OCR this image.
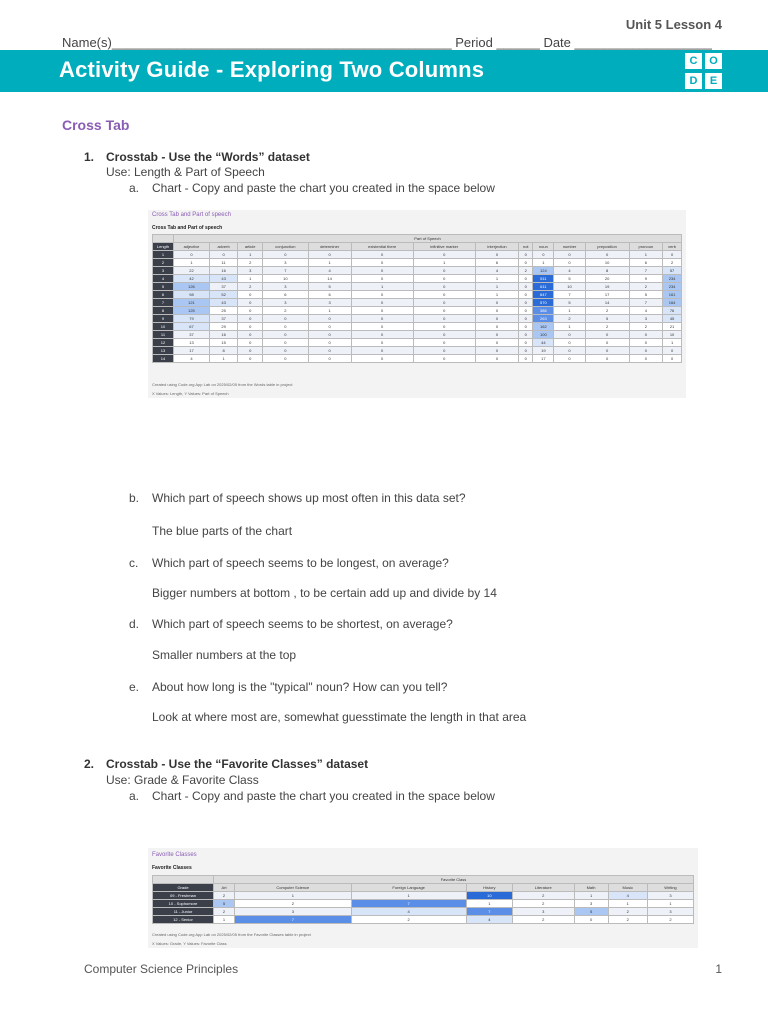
Unit 5 Lesson 4
Name(s)_______________________________________________ Period ______ Date ___________________
Activity Guide - Exploring Two Columns	C	O
D	E
Cross Tab
1. Crosstab - Use the “Words” dataset
Use: Length & Part of Speech
a. Chart - Copy and paste the chart you created in the space below
Cross Tab and Part of speech
Cross Tab and Part of speech
	Part of Speech													
Length	adjective	adverb	article	conjunction	determiner	existential there	infinitive marker	interjection	not	noun	number	preposition	pronoun	verb
1	0	0	1	0	0	0	0	0	0	0	0	0	1	0
2	1	11	2	3	1	0	1	6	0	1	0	10	6	2
3	22	16	3	7	4	0	0	4	2	124	4	8	7	57
4	42	43	1	10	14	0	0	1	0	511	5	20	9	234
5	126	37	2	3	5	1	0	1	0	611	10	19	2	234
6	98	52	0	6	6	0	0	1	0	647	7	17	5	161
7	121	43	0	3	3	0	0	0	0	570	5	14	7	164
8	125	25	0	2	1	0	0	0	0	386	1	2	4	76
9	79	37	0	0	0	0	0	0	0	263	2	5	3	45
10	67	29	0	0	0	0	0	0	0	162	1	2	2	21
11	37	16	0	0	0	0	0	0	0	100	0	0	0	10
12	13	15	0	0	0	0	0	0	0	44	0	0	0	1
13	17	8	0	0	0	0	0	0	0	19	0	0	0	0
14	4	1	0	0	0	0	0	0	0	17	0	0	0	0
Created using Code.org App Lab on 2025/02/05 from the Words table in project
X Values: Length, Y Values: Part of Speech
b. Which part of speech shows up most often in this data set?
The blue parts of the chart
c. Which part of speech seems to be longest, on average?
Bigger numbers at bottom , to be certain add up and divide by 14
d. Which part of speech seems to be shortest, on average?
Smaller numbers at the top
e. About how long is the "typical" noun? How can you tell?
Look at where most are, somewhat guesstimate the length in that area
2. Crosstab - Use the “Favorite Classes” dataset
Use: Grade & Favorite Class
a. Chart - Copy and paste the chart you created in the space below
Favorite Classes
Favorite Classes
	Favorite Class							
Grade	Art	Computer Science	Foreign Language	History	Literature	Math	Music	Writing
09 - Freshman	2	1	1	10	2	1	4	3
10 - Sophomore	5	2	7	1	2	3	1	1
11 - Junior	2	3	4	7	3	5	2	3
12 - Senior	1	7	2	4	2	0	2	2
Created using Code.org App Lab on 2025/02/05 from the Favorite Classes table in project
X Values: Grade, Y Values: Favorite Class
Computer Science Principles	1
